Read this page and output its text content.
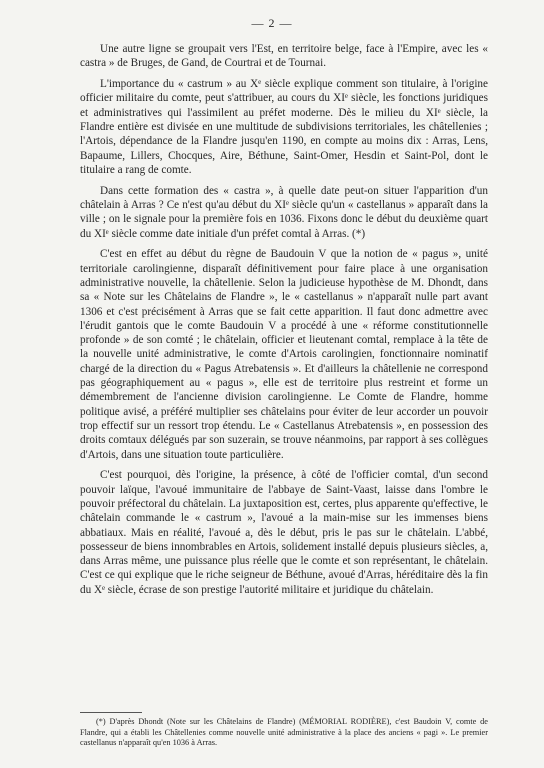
— 2 —

Une autre ligne se groupait vers l'Est, en territoire belge, face à l'Empire, avec les « castra » de Bruges, de Gand, de Courtrai et de Tournai.

L'importance du « castrum » au Xᵉ siècle explique comment son titulaire, à l'origine officier militaire du comte, peut s'attribuer, au cours du XIᵉ siècle, les fonctions juridiques et administratives qui l'assimilent au préfet moderne. Dès le milieu du XIᵉ siècle, la Flandre entière est divisée en une multitude de subdivisions territoriales, les châtellenies ; l'Artois, dépendance de la Flandre jusqu'en 1190, en compte au moins dix : Arras, Lens, Bapaume, Lillers, Chocques, Aire, Béthune, Saint-Omer, Hesdin et Saint-Pol, dont le titulaire a rang de comte.

Dans cette formation des « castra », à quelle date peut-on situer l'apparition d'un châtelain à Arras ? Ce n'est qu'au début du XIᵉ siècle qu'un « castellanus » apparaît dans la ville ; on le signale pour la première fois en 1036. Fixons donc le début du deuxième quart du XIᵉ siècle comme date initiale d'un préfet comtal à Arras. (*)

C'est en effet au début du règne de Baudouin V que la notion de « pagus », unité territoriale carolingienne, disparaît définitivement pour faire place à une organisation administrative nouvelle, la châtellenie. Selon la judicieuse hypothèse de M. Dhondt, dans sa « Note sur les Châtelains de Flandre », le « castellanus » n'apparaît nulle part avant 1306 et c'est précisément à Arras que se fait cette apparition. Il faut donc admettre avec l'érudit gantois que le comte Baudouin V a procédé à une « réforme constitutionnelle profonde » de son comté ; le châtelain, officier et lieutenant comtal, remplace à la tête de la nouvelle unité administrative, le comte d'Artois carolingien, fonctionnaire nominatif chargé de la direction du « Pagus Atrebatensis ». Et d'ailleurs la châtellenie ne correspond pas géographiquement au « pagus », elle est de territoire plus restreint et forme un démembrement de l'ancienne division carolingienne. Le Comte de Flandre, homme politique avisé, a préféré multiplier ses châtelains pour éviter de leur accorder un pouvoir trop effectif sur un ressort trop étendu. Le « Castellanus Atrebatensis », en possession des droits comtaux délégués par son suzerain, se trouve néanmoins, par rapport à ses collègues d'Artois, dans une situation toute particulière.

C'est pourquoi, dès l'origine, la présence, à côté de l'officier comtal, d'un second pouvoir laïque, l'avoué immunitaire de l'abbaye de Saint-Vaast, laisse dans l'ombre le pouvoir préfectoral du châtelain. La juxtaposition est, certes, plus apparente qu'effective, le châtelain commande le « castrum », l'avoué a la main-mise sur les immenses biens abbatiaux. Mais en réalité, l'avoué a, dès le début, pris le pas sur le châtelain. L'abbé, possesseur de biens innombrables en Artois, solidement installé depuis plusieurs siècles, a, dans Arras même, une puissance plus réelle que le comte et son représentant, le châtelain. C'est ce qui explique que le riche seigneur de Béthune, avoué d'Arras, héréditaire dès la fin du Xᵉ siècle, écrase de son prestige l'autorité militaire et juridique du châtelain.

(*) D'après Dhondt (Note sur les Châtelains de Flandre) (MÉMORIAL RODIÈRE), c'est Baudoin V, comte de Flandre, qui a établi les Châtellenies comme nouvelle unité administrative à la place des anciens « pagi ». Le premier castellanus n'apparaît qu'en 1036 à Arras.
